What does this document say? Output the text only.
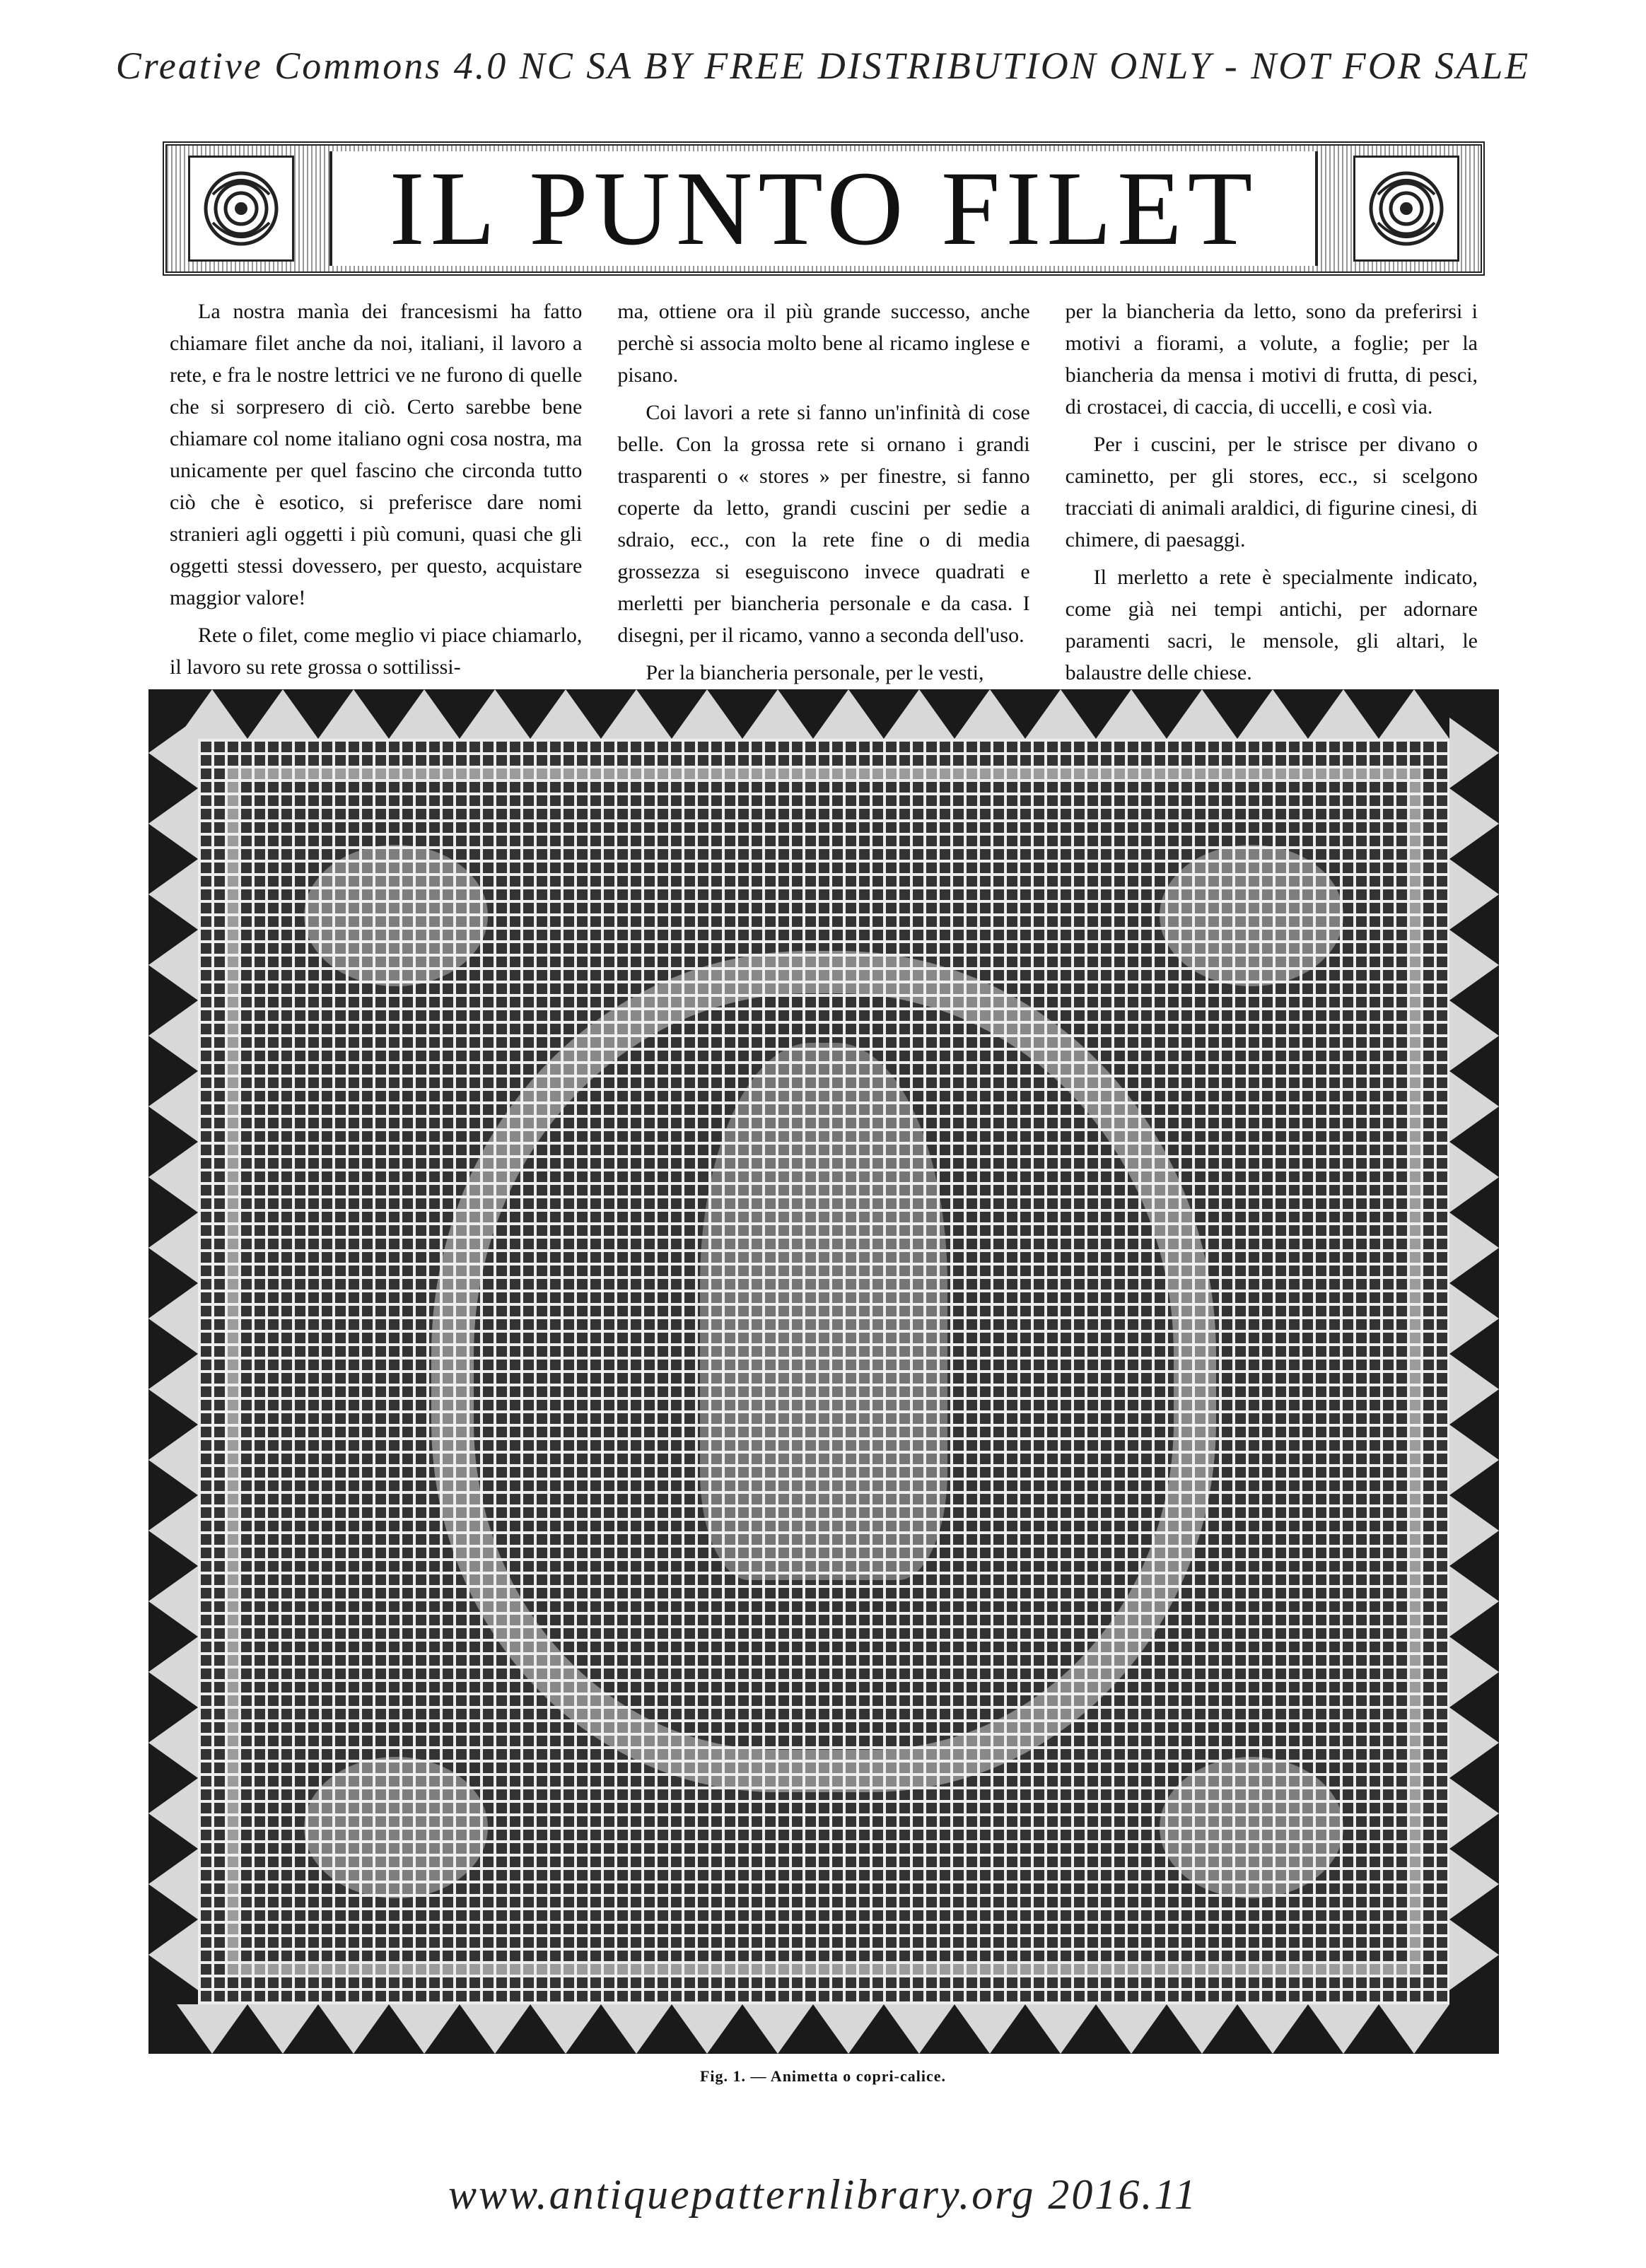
Creative Commons 4.0 NC SA BY FREE DISTRIBUTION ONLY - NOT FOR SALE
IL PUNTO FILET

La nostra manìa dei francesismi ha fatto chiamare filet anche da noi, italiani, il lavoro a rete, e fra le nostre lettrici ve ne furono di quelle che si sorpresero di ciò. Certo sarebbe bene chiamare col nome italiano ogni cosa nostra, ma unicamente per quel fascino che circonda tutto ciò che è esotico, si preferisce dare nomi stranieri agli oggetti i più comuni, quasi che gli oggetti stessi dovessero, per questo, acquistare maggior valore!

Rete o filet, come meglio vi piace chiamarlo, il lavoro su rete grossa o sottilissi-

ma, ottiene ora il più grande successo, anche perchè si associa molto bene al ricamo inglese e pisano.

Coi lavori a rete si fanno un'infinità di cose belle. Con la grossa rete si ornano i grandi trasparenti o « stores » per finestre, si fanno coperte da letto, grandi cuscini per sedie a sdraio, ecc., con la rete fine o di media grossezza si eseguiscono invece quadrati e merletti per biancheria personale e da casa. I disegni, per il ricamo, vanno a seconda dell'uso.

Per la biancheria personale, per le vesti,

per la biancheria da letto, sono da preferirsi i motivi a fiorami, a volute, a foglie; per la biancheria da mensa i motivi di frutta, di pesci, di crostacei, di caccia, di uccelli, e così via.

Per i cuscini, per le strisce per divano o caminetto, per gli stores, ecc., si scelgono tracciati di animali araldici, di figurine cinesi, di chimere, di paesaggi.

Il merletto a rete è specialmente indicato, come già nei tempi antichi, per adornare paramenti sacri, le mensole, gli altari, le balaustre delle chiese.

Fig. 1. — Animetta o copri-calice.
www.antiquepatternlibrary.org 2016.11
